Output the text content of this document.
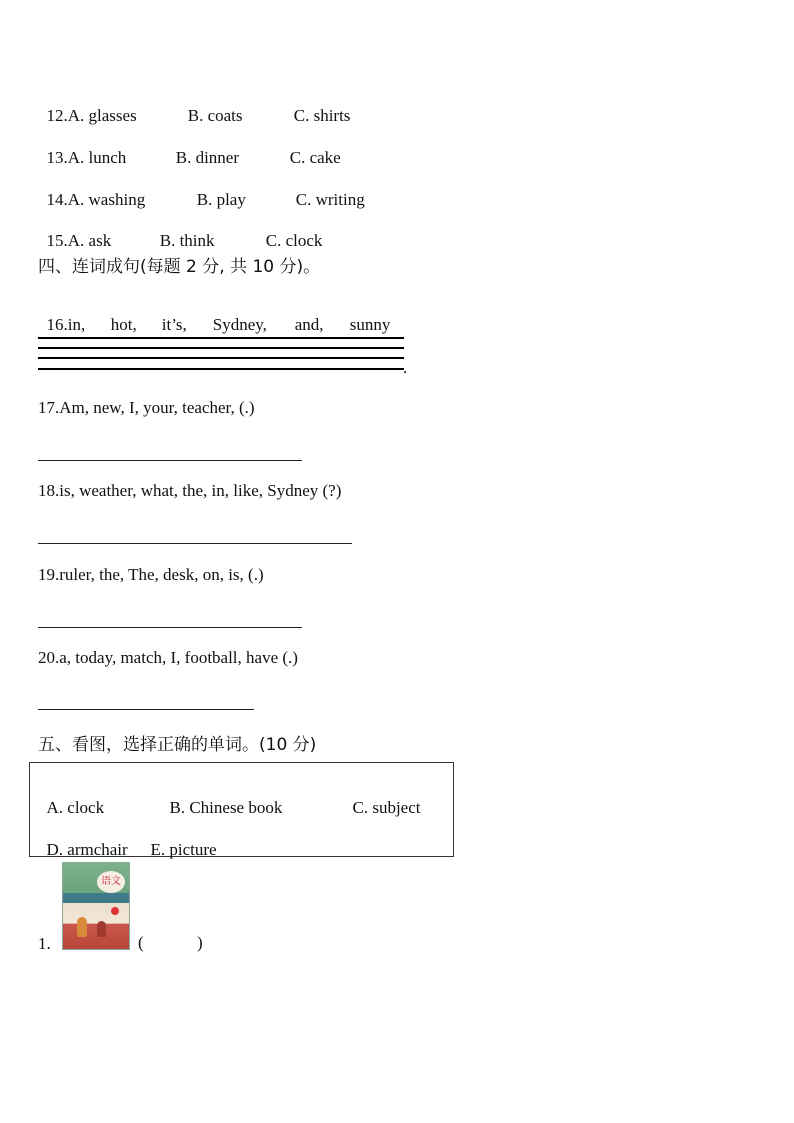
12.A. glasses	B. coats	C. shirts

13.A. lunch	B. dinner	C. cake

14.A. washing	B. play	C. writing

15.A. ask	B. think	C. clock

四、连词成句(每题 2 分, 共 10 分)。

16.in, hot, it’s, Sydney, and, sunny

.
17.Am, new, I, your, teacher, (.)
18.is, weather, what, the, in, like, Sydney (?)
19.ruler, the, The, desk, on, is, (.)
20.a, today, match, I, football, have (.)
五、看图，选择正确的单词。(10 分)

A. clock	B. Chinese book	C. subject

D. armchair E. picture

1.
语文
(	)
